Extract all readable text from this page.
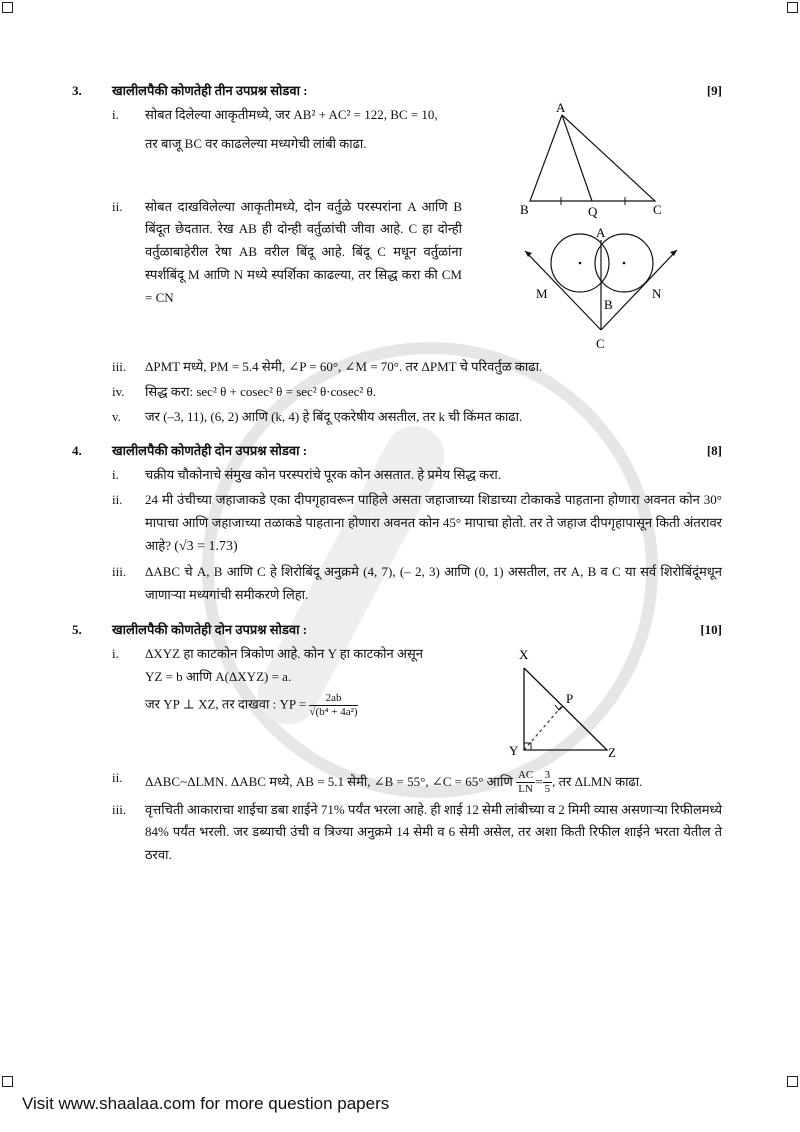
3.	खालीलपैकी कोणतेही तीन उपप्रश्न सोडवा :	[9]
i.	सोबत दिलेल्या आकृतीमध्ये, जर AB² + AC² = 122, BC = 10,
तर बाजू BC वर काढलेल्या मध्यगेची लांबी काढा.
ii.	सोबत दाखविलेल्या आकृतीमध्ये, दोन वर्तुळे परस्परांना A आणि B बिंदूत छेदतात. रेख AB ही दोन्ही वर्तुळांची जीवा आहे. C हा दोन्ही वर्तुळाबाहेरील रेषा AB वरील बिंदू आहे. बिंदू C मधून वर्तुळांना स्पर्शबिंदू M आणि N मध्ये स्पर्शिका काढल्या, तर सिद्ध करा की CM = CN
A
B	Q	C
A
B
C
M	N
iii.	ΔPMT मध्ये, PM = 5.4 सेमी, ∠P = 60°, ∠M = 70°. तर ΔPMT चे परिवर्तुळ काढा.
iv.	सिद्ध करा: sec² θ + cosec² θ = sec² θ·cosec² θ.
v.	जर (–3, 11), (6, 2) आणि (k, 4) हे बिंदू एकरेषीय असतील, तर k ची किंमत काढा.
4.	खालीलपैकी कोणतेही दोन उपप्रश्न सोडवा :	[8]
i.	चक्रीय चौकोनाचे संमुख कोन परस्परांचे पूरक कोन असतात. हे प्रमेय सिद्ध करा.
ii.	24 मी उंचीच्या जहाजाकडे एका दीपगृहावरून पाहिले असता जहाजाच्या शिडाच्या टोकाकडे पाहताना होणारा अवनत कोन 30° मापाचा आणि जहाजाच्या तळाकडे पाहताना होणारा अवनत कोन 45° मापाचा होतो. तर ते जहाज दीपगृहापासून किती अंतरावर आहे? (√3 = 1.73)
iii.	ΔABC चे A, B आणि C हे शिरोबिंदू अनुक्रमे (4, 7), (– 2, 3) आणि (0, 1) असतील, तर A, B व C या सर्व शिरोबिंदूंमधून जाणाऱ्या मध्यगांची समीकरणे लिहा.
5.	खालीलपैकी कोणतेही दोन उपप्रश्न सोडवा :	[10]
i.	ΔXYZ हा काटकोन त्रिकोण आहे. कोन Y हा काटकोन असून
YZ = b आणि A(ΔXYZ) = a.
जर YP ⊥ XZ, तर दाखवा : YP = $\frac{2ab}{\text{√(b⁴ + 4a²)}}$
X
Y	Z
P
ii.	ΔABC~ΔLMN. ΔABC मध्ये, AB = 5.1 सेमी, ∠B = 55°, ∠C = 65° आणि $\frac{AC}{LN} = \frac{3}{5}$ , तर ΔLMN काढा.
iii.	वृत्तचिती आकाराचा शाईचा डबा शाईने 71% पर्यंत भरला आहे. ही शाई 12 सेमी लांबीच्या व 2 मिमी व्यास असणाऱ्या रिफीलमध्ये 84% पर्यंत भरली. जर डब्याची उंची व त्रिज्या अनुक्रमे 14 सेमी व 6 सेमी असेल, तर अशा किती रिफील शाईने भरता येतील ते ठरवा.
Visit www.shaalaa.com for more question papers
